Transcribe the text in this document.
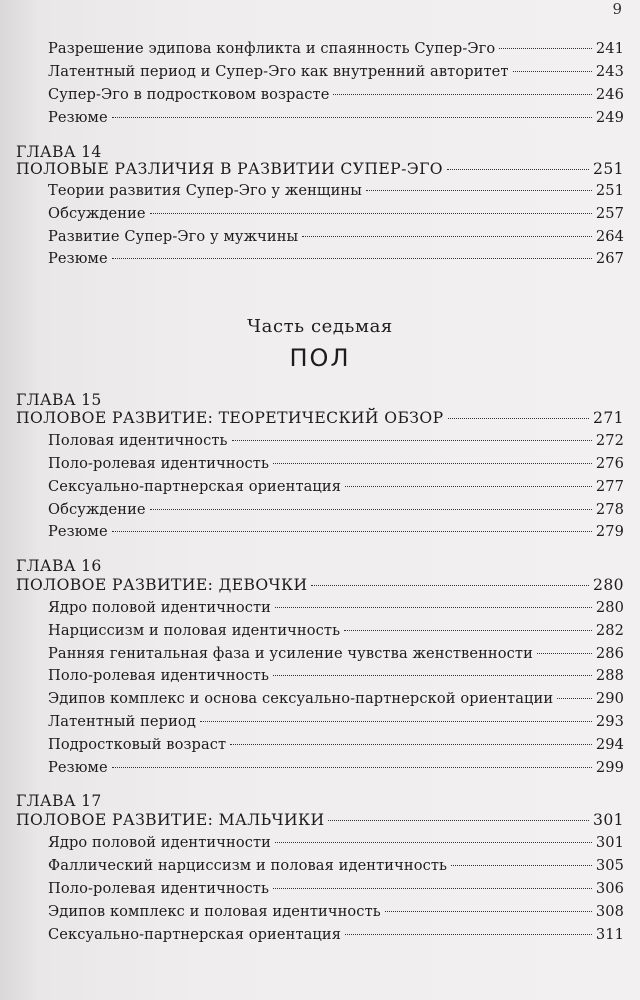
9
Разрешение эдипова конфликта и спаянность Супер-Эго	241
Латентный период и Супер-Эго как внутренний авторитет	243
Супер-Эго в подростковом возрасте	246
Резюме	249
ГЛАВА 14
ПОЛОВЫЕ РАЗЛИЧИЯ В РАЗВИТИИ СУПЕР-ЭГО	251
Теории развития Супер-Эго у женщины	251
Обсуждение	257
Развитие Супер-Эго у мужчины	264
Резюме	267
Часть седьмая
ПОЛ
ГЛАВА 15
ПОЛОВОЕ РАЗВИТИЕ: ТЕОРЕТИЧЕСКИЙ ОБЗОР	271
Половая идентичность	272
Поло-ролевая идентичность	276
Сексуально-партнерская ориентация	277
Обсуждение	278
Резюме	279
ГЛАВА 16
ПОЛОВОЕ РАЗВИТИЕ: ДЕВОЧКИ	280
Ядро половой идентичности	280
Нарциссизм и половая идентичность	282
Ранняя генитальная фаза и усиление чувства женственности	286
Поло-ролевая идентичность	288
Эдипов комплекс и основа сексуально-партнерской ориентации	290
Латентный период	293
Подростковый возраст	294
Резюме	299
ГЛАВА 17
ПОЛОВОЕ РАЗВИТИЕ: МАЛЬЧИКИ	301
Ядро половой идентичности	301
Фаллический нарциссизм и половая идентичность	305
Поло-ролевая идентичность	306
Эдипов комплекс и половая идентичность	308
Сексуально-партнерская ориентация	311
